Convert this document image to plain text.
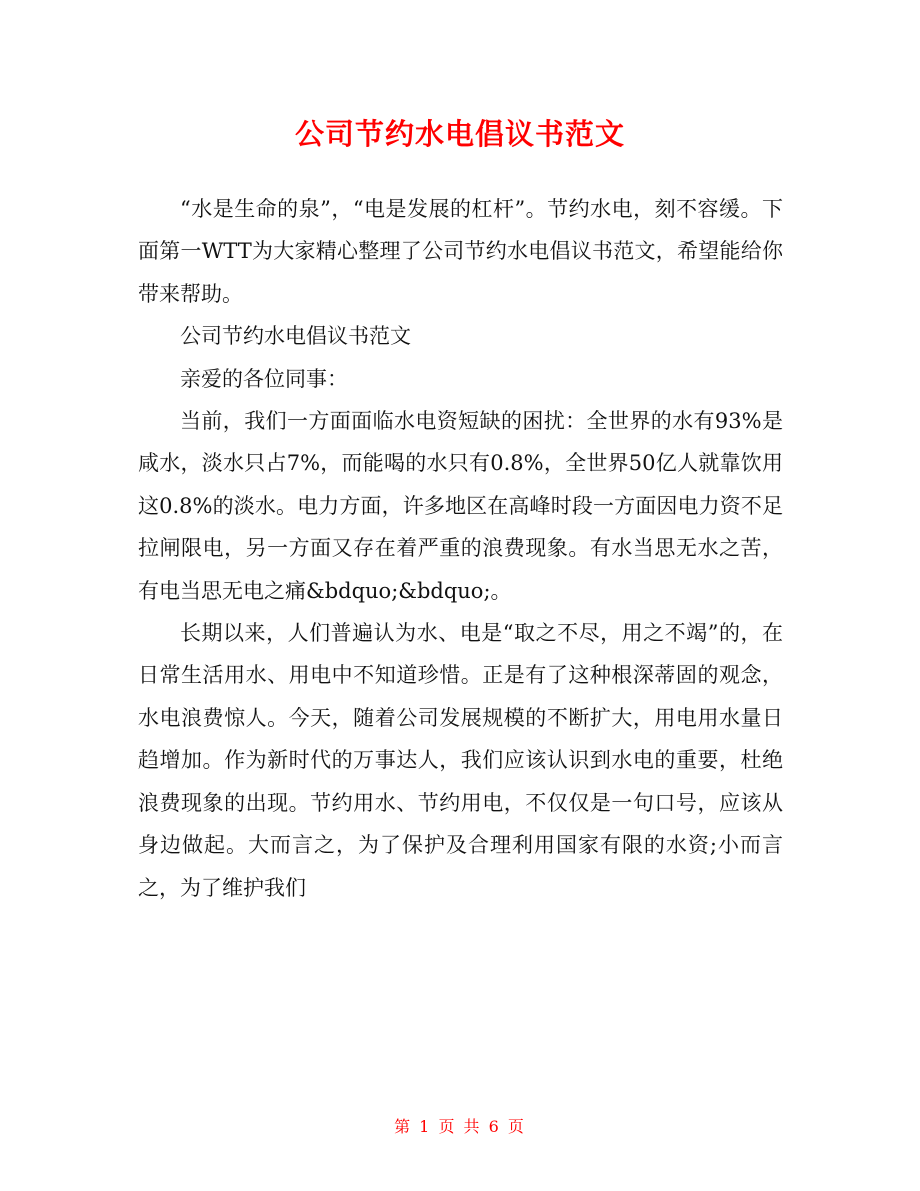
公司节约水电倡议书范文

“水是生命的泉”，“电是发展的杠杆”。节约水电，刻不容缓。下面第一WTT为大家精心整理了公司节约水电倡议书范文，希望能给你带来帮助。

公司节约水电倡议书范文

亲爱的各位同事：

当前，我们一方面面临水电资短缺的困扰：全世界的水有93%是咸水，淡水只占7%，而能喝的水只有0.8%，全世界50亿人就靠饮用这0.8%的淡水。电力方面，许多地区在高峰时段一方面因电力资不足拉闸限电，另一方面又存在着严重的浪费现象。有水当思无水之苦，有电当思无电之痛&bdquo;&bdquo;。

长期以来，人们普遍认为水、电是“取之不尽，用之不竭”的，在日常生活用水、用电中不知道珍惜。正是有了这种根深蒂固的观念，水电浪费惊人。今天，随着公司发展规模的不断扩大，用电用水量日趋增加。作为新时代的万事达人，我们应该认识到水电的重要，杜绝浪费现象的出现。节约用水、节约用电，不仅仅是一句口号，应该从身边做起。大而言之，为了保护及合理利用国家有限的水资;小而言之，为了维护我们

第 1 页 共 6 页
